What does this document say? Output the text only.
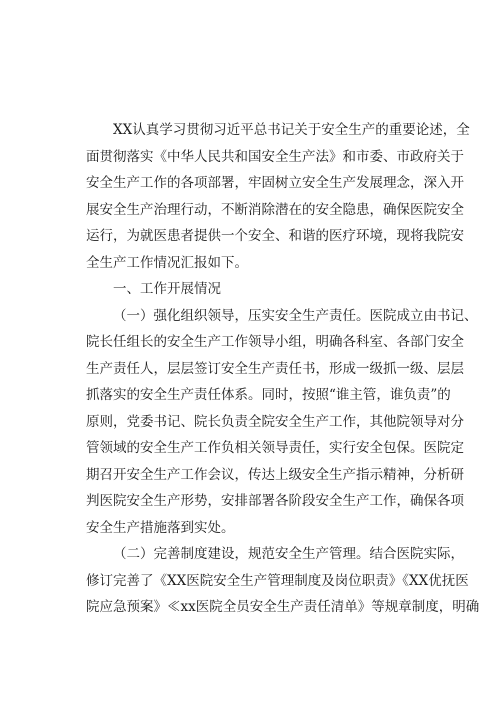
XX认真学习贯彻习近平总书记关于安全生产的重要论述，全
面贯彻落实《中华人民共和国安全生产法》和市委、市政府关于
安全生产工作的各项部署，牢固树立安全生产发展理念，深入开
展安全生产治理行动，不断消除潜在的安全隐患，确保医院安全
运行，为就医患者提供一个安全、和谐的医疗环境，现将我院安
全生产工作情况汇报如下。
一、工作开展情况
（一）强化组织领导，压实安全生产责任。医院成立由书记、
院长任组长的安全生产工作领导小组，明确各科室、各部门安全
生产责任人，层层签订安全生产责任书，形成一级抓一级、层层
抓落实的安全生产责任体系。同时，按照“谁主管，谁负责”的
原则，党委书记、院长负责全院安全生产工作，其他院领导对分
管领域的安全生产工作负相关领导责任，实行安全包保。医院定
期召开安全生产工作会议，传达上级安全生产指示精神，分析研
判医院安全生产形势，安排部署各阶段安全生产工作，确保各项
安全生产措施落到实处。
（二）完善制度建设，规范安全生产管理。结合医院实际，
修订完善了《XX医院安全生产管理制度及岗位职责》《XX优抚医
院应急预案》≪xx医院全员安全生产责任清单》等规章制度，明确
